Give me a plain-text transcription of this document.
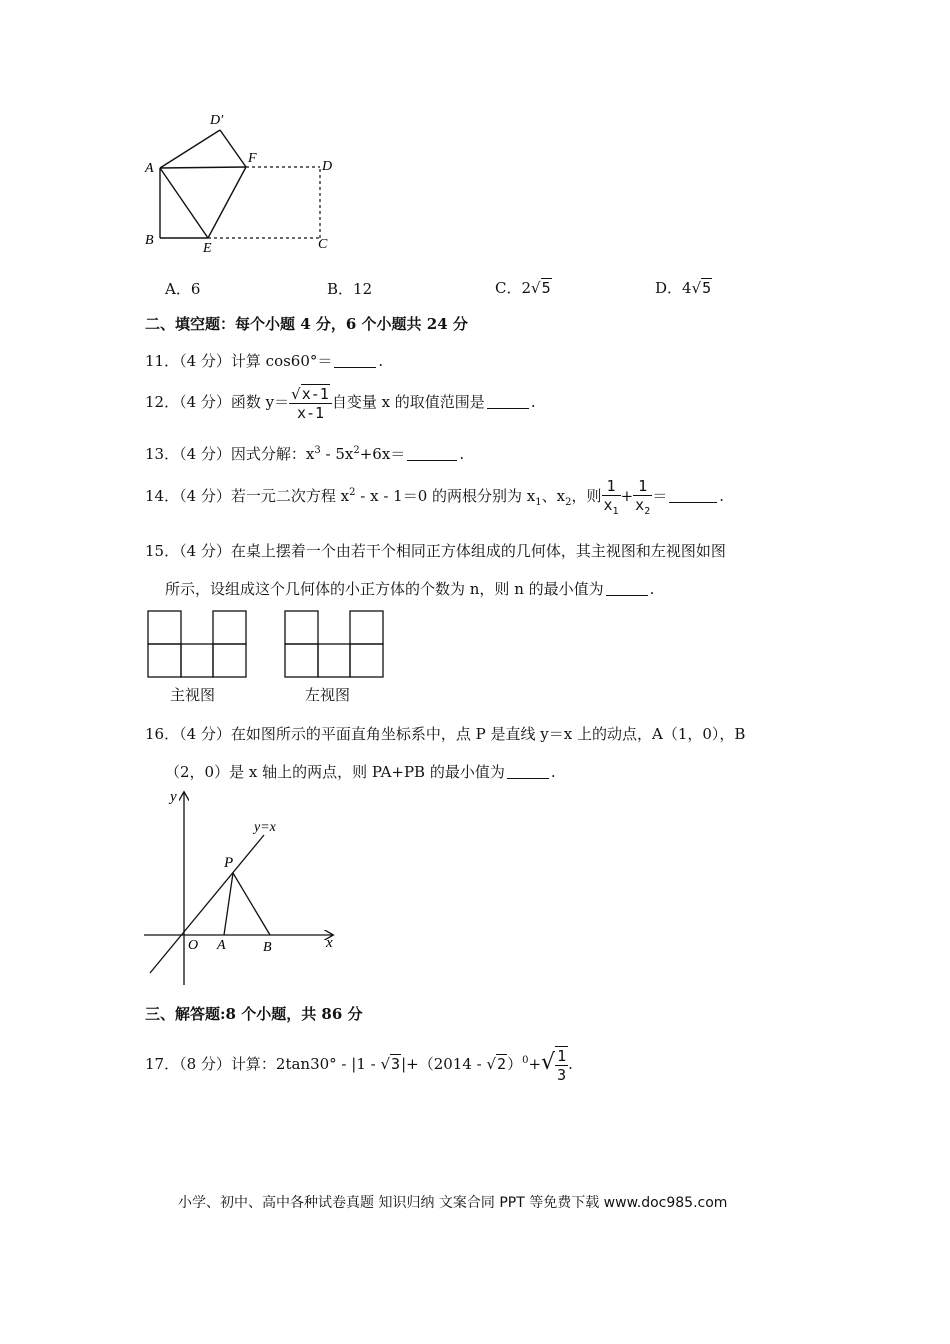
A
B
E	C
D
F
D′
A．6	B．12	C．2√5	D．4√5
二、填空题：每个小题 4 分，6 个小题共 24 分
11．（4 分）计算 cos60°＝	.
12．（4 分）函数 $y= \frac{√x-1}{x-1}$ 自变量 x 的取值范围是	.
13．（4 分）因式分解：$x^3 - 5x^2+6x=$	.
14．（4 分）若一元二次方程 $x^2 - x - 1=0$ 的两根分别为 $x_1$、$x_2$，则 $\frac{1}{x_1} + \frac{1}{x_2}$ ＝	.
15．（4 分）在桌上摆着一个由若干个相同正方体组成的几何体，其主视图和左视图如图
所示，设组成这个几何体的小正方体的个数为 n，则 n 的最小值为	.
主视图	左视图
16．（4 分）在如图所示的平面直角坐标系中，点 P 是直线 y＝x 上的动点，A（1，0），B
（2，0）是 x 轴上的两点，则 PA+PB 的最小值为	.
y
x
y=x
P
O A	B
三、解答题:8 个小题，共 86 分
17．（8 分）计算：$2\tan 30^\circ - |1 - √3|+(2014 - √2)^0+√ \frac{1}{3}$ .
小学、初中、高中各种试卷真题 知识归纳 文案合同 PPT 等免费下载 www.doc985.com
